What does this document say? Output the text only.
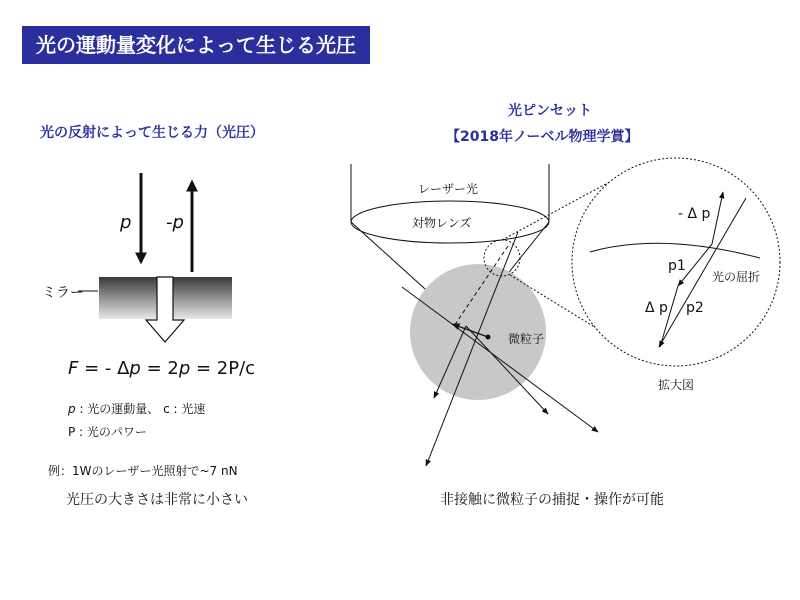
光の運動量変化によって生じる光圧
光の反射によって生じる力（光圧）
光ピンセット
【2018年ノーベル物理学賞】
p -p
ミラー
F = - Δp = 2p = 2P/c
p : 光の運動量、 c : 光速
P : 光のパワー
例：1Wのレーザー光照射で~7 nN
光圧の大きさは非常に小さい
レーザー光
対物レンズ
微粒子
- Δ p
p1
光の屈折
Δ p p2
拡大図
非接触に微粒子の捕捉・操作が可能
